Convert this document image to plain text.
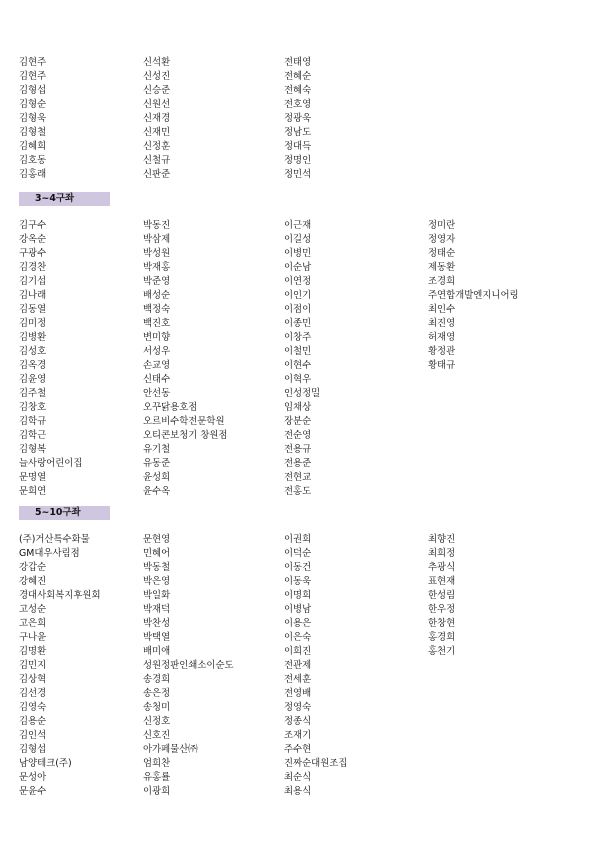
김현주	신석환	전태영
김현주	신성진	전혜순
김형섭	신승준	전혜숙
김형순	신원선	전호영
김형욱	신재경	정광욱
김형철	신재민	정남도
김혜희	신정훈	정대득
김호동	신철규	정명인
김홍래	신판준	정민석
3~4구좌
김구수	박동진	이근재	정미란
강옥순	박삼제	이길성	정영자
구광수	박성원	이병민	정태순
김경찬	박재홍	이순남	제동환
김기섭	박준영	이연정	조경희
김나래	배성순	이인기	주연합개발엔지니어링
김동열	백정숙	이점이	최인수
김미정	백진호	이종민	최진영
김병환	변미향	이창주	허재영
김성호	서성우	이철민	황정관
김옥경	손교영	이현수	황태규
김윤영	신태수	이혁우
김주철	안선동	인성정밀
김창호	오꾸닭용호점	임채상
김학규	오르비수학전문학원	장분순
김학근	오티콘보청기 창원점	전순영
김형복	유기철	전용규
늘사랑어린이집	유동준	전용준
문명열	윤성희	전현교
문희연	윤수옥	전홍도
5~10구좌
(주)거산특수화물	문현영	이권희	최향진
GM대우사림점	민혜어	이덕순	최희정
강갑순	박동철	이동건	추광식
강혜진	박은영	이동욱	표현재
경대사회복지후원회	박일화	이명희	한성림
고성순	박재덕	이병남	한우정
고은희	박찬성	이용은	한창현
구나윤	박택열	이은숙	홍경희
김명환	배미애	이희진	홍천기
김민지	성원정판인쇄소이순도	전관제
김상혁	송경희	전세훈
김선경	송은정	전영배
김영숙	송청미	정영숙
김용순	신정호	정종식
김인석	신호진	조재기
김형섭	아가페물산㈜	주수현
남양테크(주)	엄희찬	진짜순대원조집
문성아	유홍룔	최순식
문윤수	이광희	최용식
